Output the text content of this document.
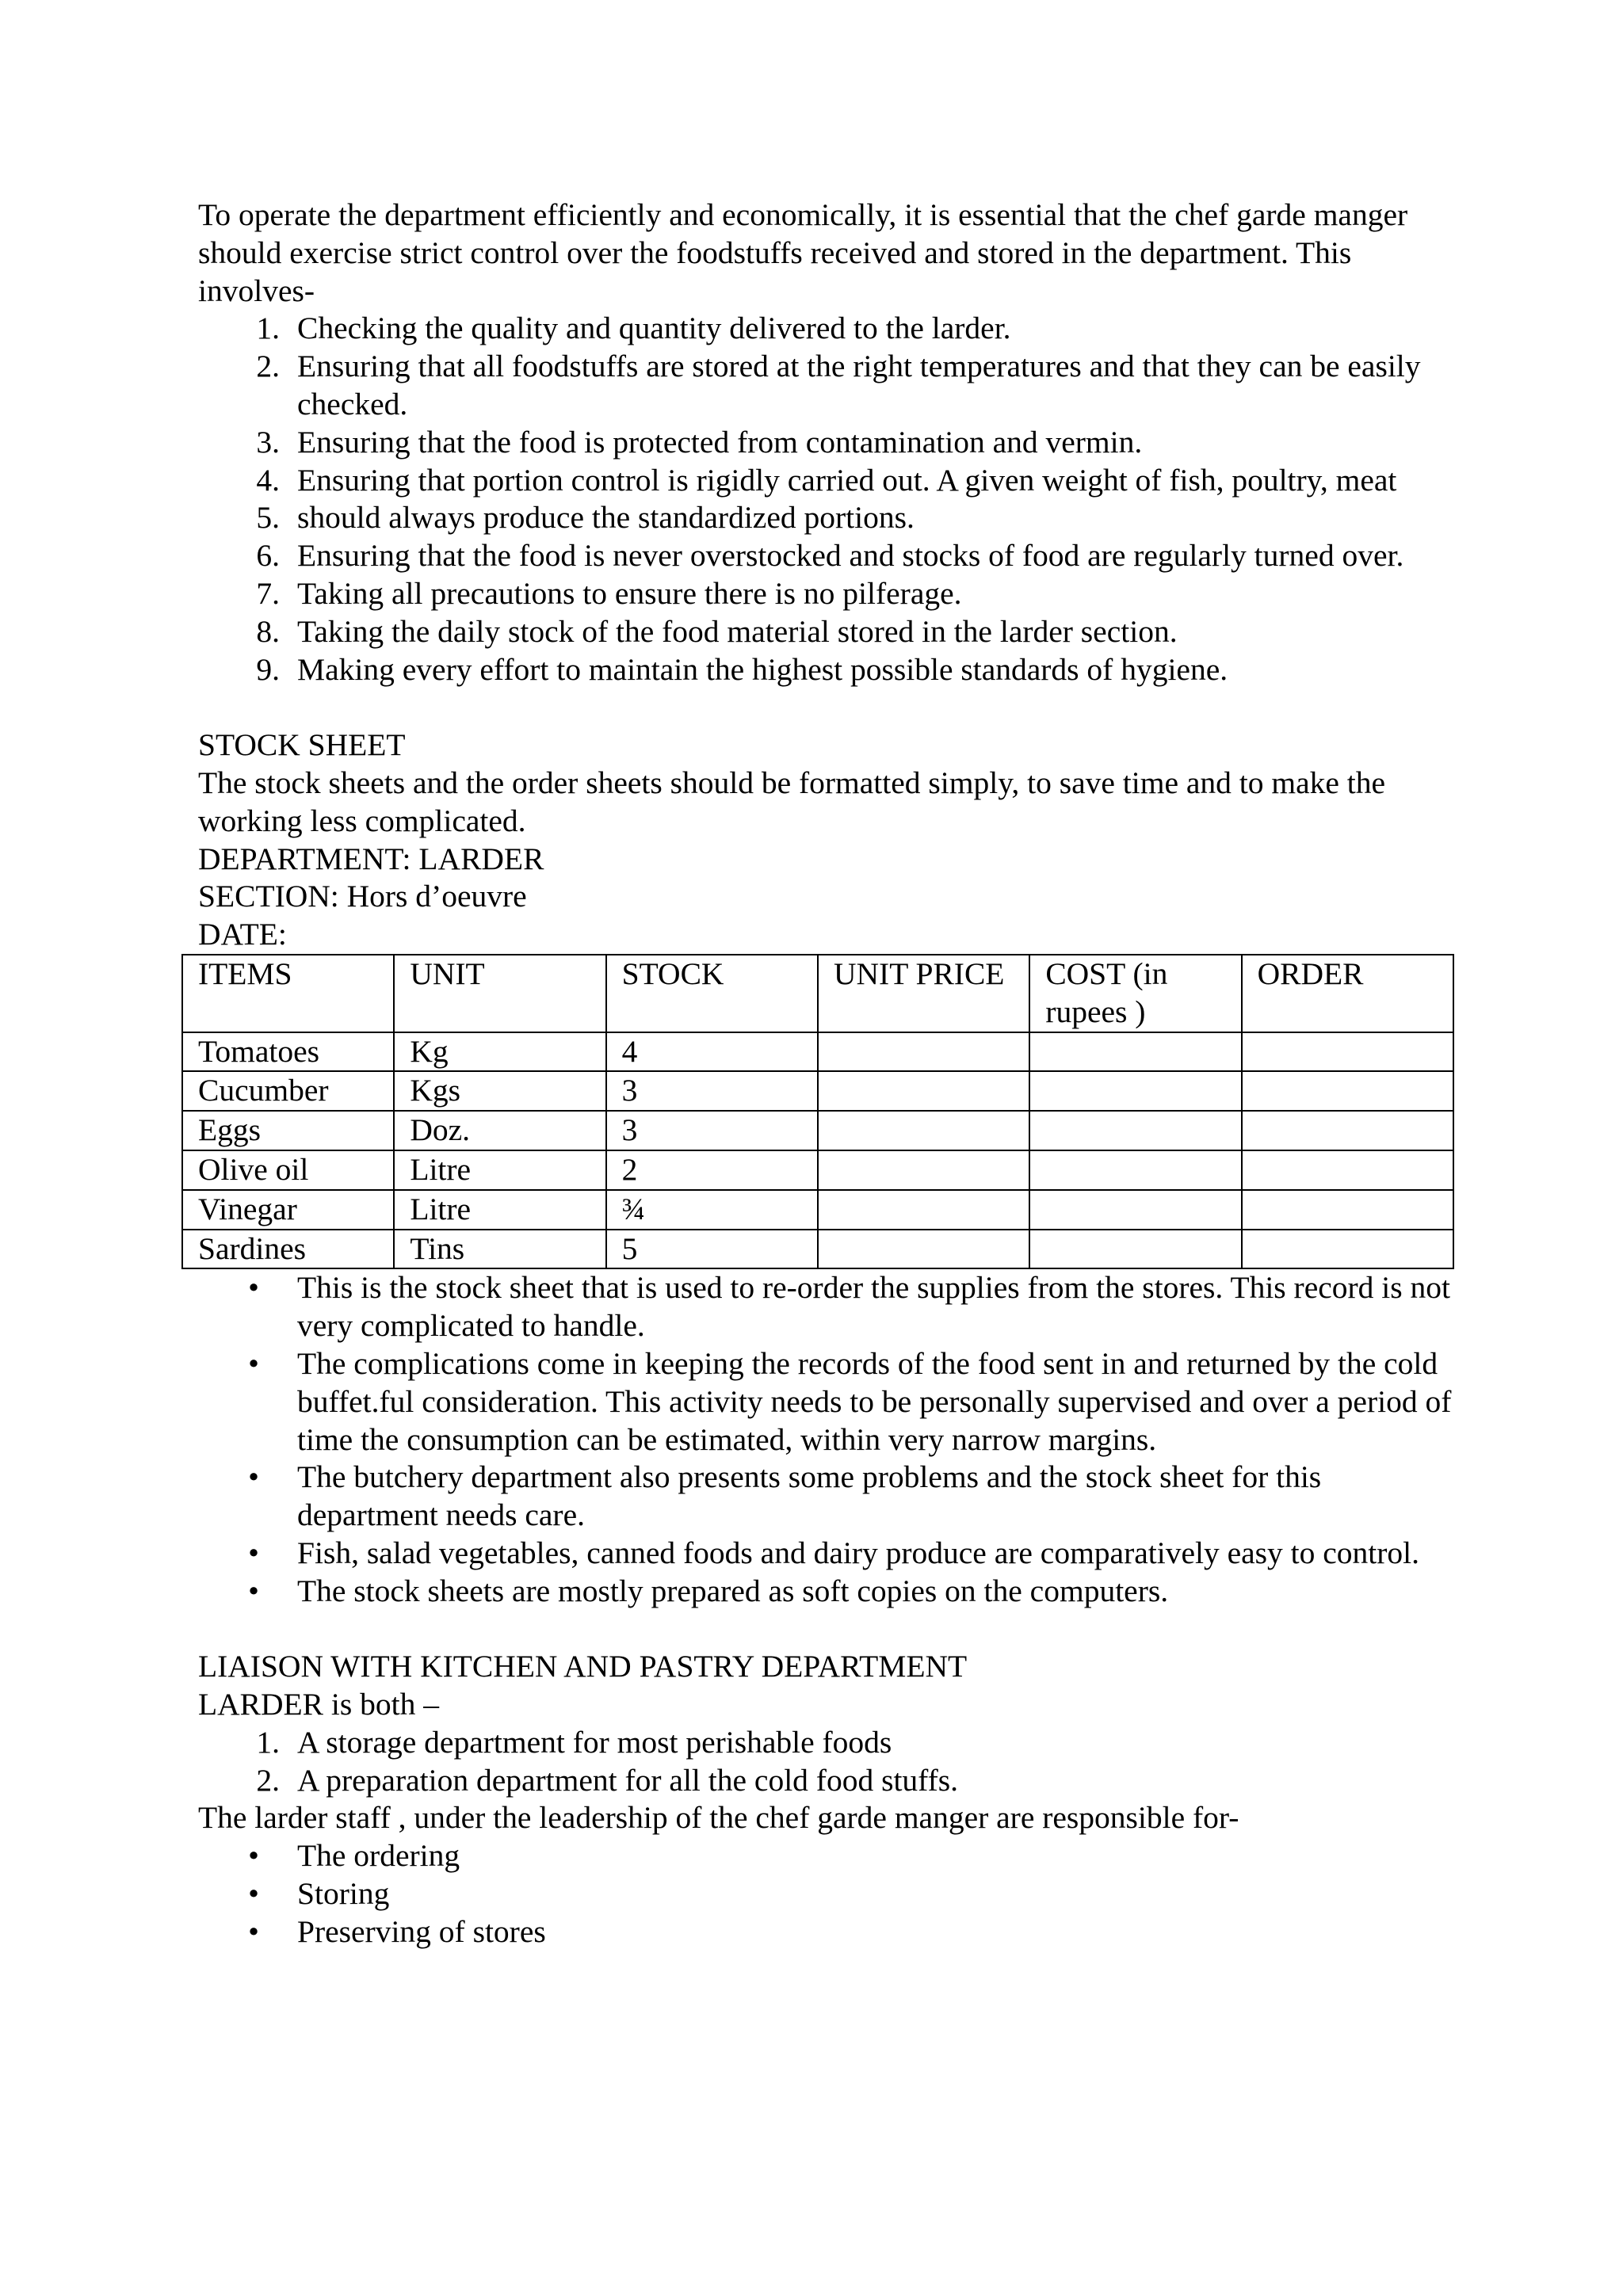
To operate the department efficiently and economically, it is essential that the chef garde manger should exercise strict control over the foodstuffs received and stored in the department. This involves-

1. Checking the quality and quantity delivered to the larder.
2. Ensuring that all foodstuffs are stored at the right temperatures and that they can be easily checked.
3. Ensuring that the food is protected from contamination and vermin.
4. Ensuring that portion control is rigidly carried out. A given weight of fish, poultry, meat
5. should always produce the standardized portions.
6. Ensuring that the food is never overstocked and stocks of food are regularly turned over.
7. Taking all precautions to ensure there is no pilferage.
8. Taking the daily stock of the food material stored in the larder section.
9. Making every effort to maintain the highest possible standards of hygiene.

STOCK SHEET

The stock sheets and the order sheets should be formatted simply, to save time and to make the working less complicated.

DEPARTMENT: LARDER

SECTION: Hors d’oeuvre

DATE:

ITEMS	UNIT	STOCK	UNIT PRICE	COST (in rupees )	ORDER
Tomatoes	Kg	4			
Cucumber	Kgs	3			
Eggs	Doz.	3			
Olive oil	Litre	2			
Vinegar	Litre	¾			
Sardines	Tins	5			
•	This is the stock sheet that is used to re-order the supplies from the stores. This record is not very complicated to handle.
•	The complications come in keeping the records of the food sent in and returned by the cold buffet.ful consideration. This activity needs to be personally supervised and over a period of time the consumption can be estimated, within very narrow margins.
•	The butchery department also presents some problems and the stock sheet for this department needs care.
•	Fish, salad vegetables, canned foods and dairy produce are comparatively easy to control.
•	The stock sheets are mostly prepared as soft copies on the computers.

LIAISON WITH KITCHEN AND PASTRY DEPARTMENT

LARDER is both –

1. A storage department for most perishable foods
2. A preparation department for all the cold food stuffs.

The larder staff , under the leadership of the chef garde manger are responsible for-

•	The ordering
•	Storing
•	Preserving of stores
